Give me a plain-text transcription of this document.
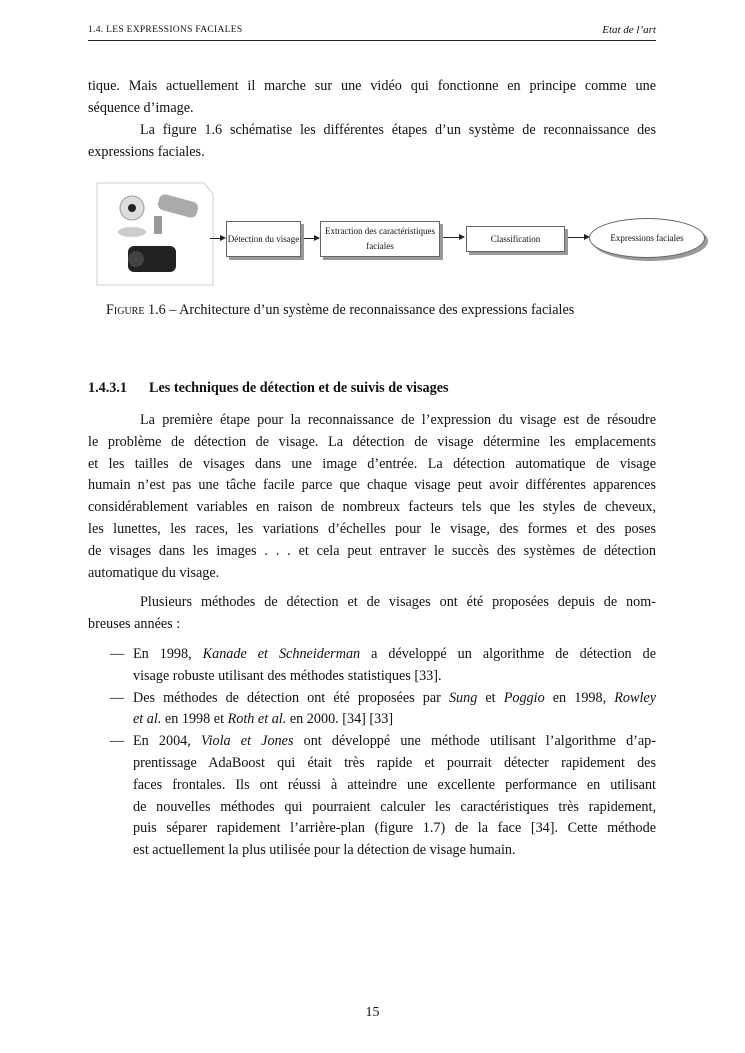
1.4. LES EXPRESSIONS FACIALES	Etat de l’art
tique. Mais actuellement il marche sur une vidéo qui fonctionne en principe comme une
séquence d’image.
La figure 1.6 schématise les différentes étapes d’un système de reconnaissance des
expressions faciales.
Détection du visage
Extraction des caractéristiques faciales
Classification	Expressions faciales
Figure 1.6 – Architecture d’un système de reconnaissance des expressions faciales
1.4.3.1 Les techniques de détection et de suivis de visages
La première étape pour la reconnaissance de l’expression du visage est de résoudre
le problème de détection de visage. La détection de visage détermine les emplacements
et les tailles de visages dans une image d’entrée. La détection automatique de visage
humain n’est pas une tâche facile parce que chaque visage peut avoir différentes apparences
considérablement variables en raison de nombreux facteurs tels que les styles de cheveux,
les lunettes, les races, les variations d’échelles pour le visage, des formes et des poses
de visages dans les images . . . et cela peut entraver le succès des systèmes de détection
automatique du visage.
Plusieurs méthodes de détection et de visages ont été proposées depuis de nom-
breuses années :
— En 1998, Kanade et Schneiderman a développé un algorithme de détection de
visage robuste utilisant des méthodes statistiques [33].
— Des méthodes de détection ont été proposées par Sung et Poggio en 1998, Rowley
et al. en 1998 et Roth et al. en 2000. [34] [33]
— En 2004, Viola et Jones ont développé une méthode utilisant l’algorithme d’ap-
prentissage AdaBoost qui était très rapide et pourrait détecter rapidement des
faces frontales. Ils ont réussi à atteindre une excellente performance en utilisant
de nouvelles méthodes qui pourraient calculer les caractéristiques très rapidement,
puis séparer rapidement l’arrière-plan (figure 1.7) de la face [34]. Cette méthode
est actuellement la plus utilisée pour la détection de visage humain.
15
